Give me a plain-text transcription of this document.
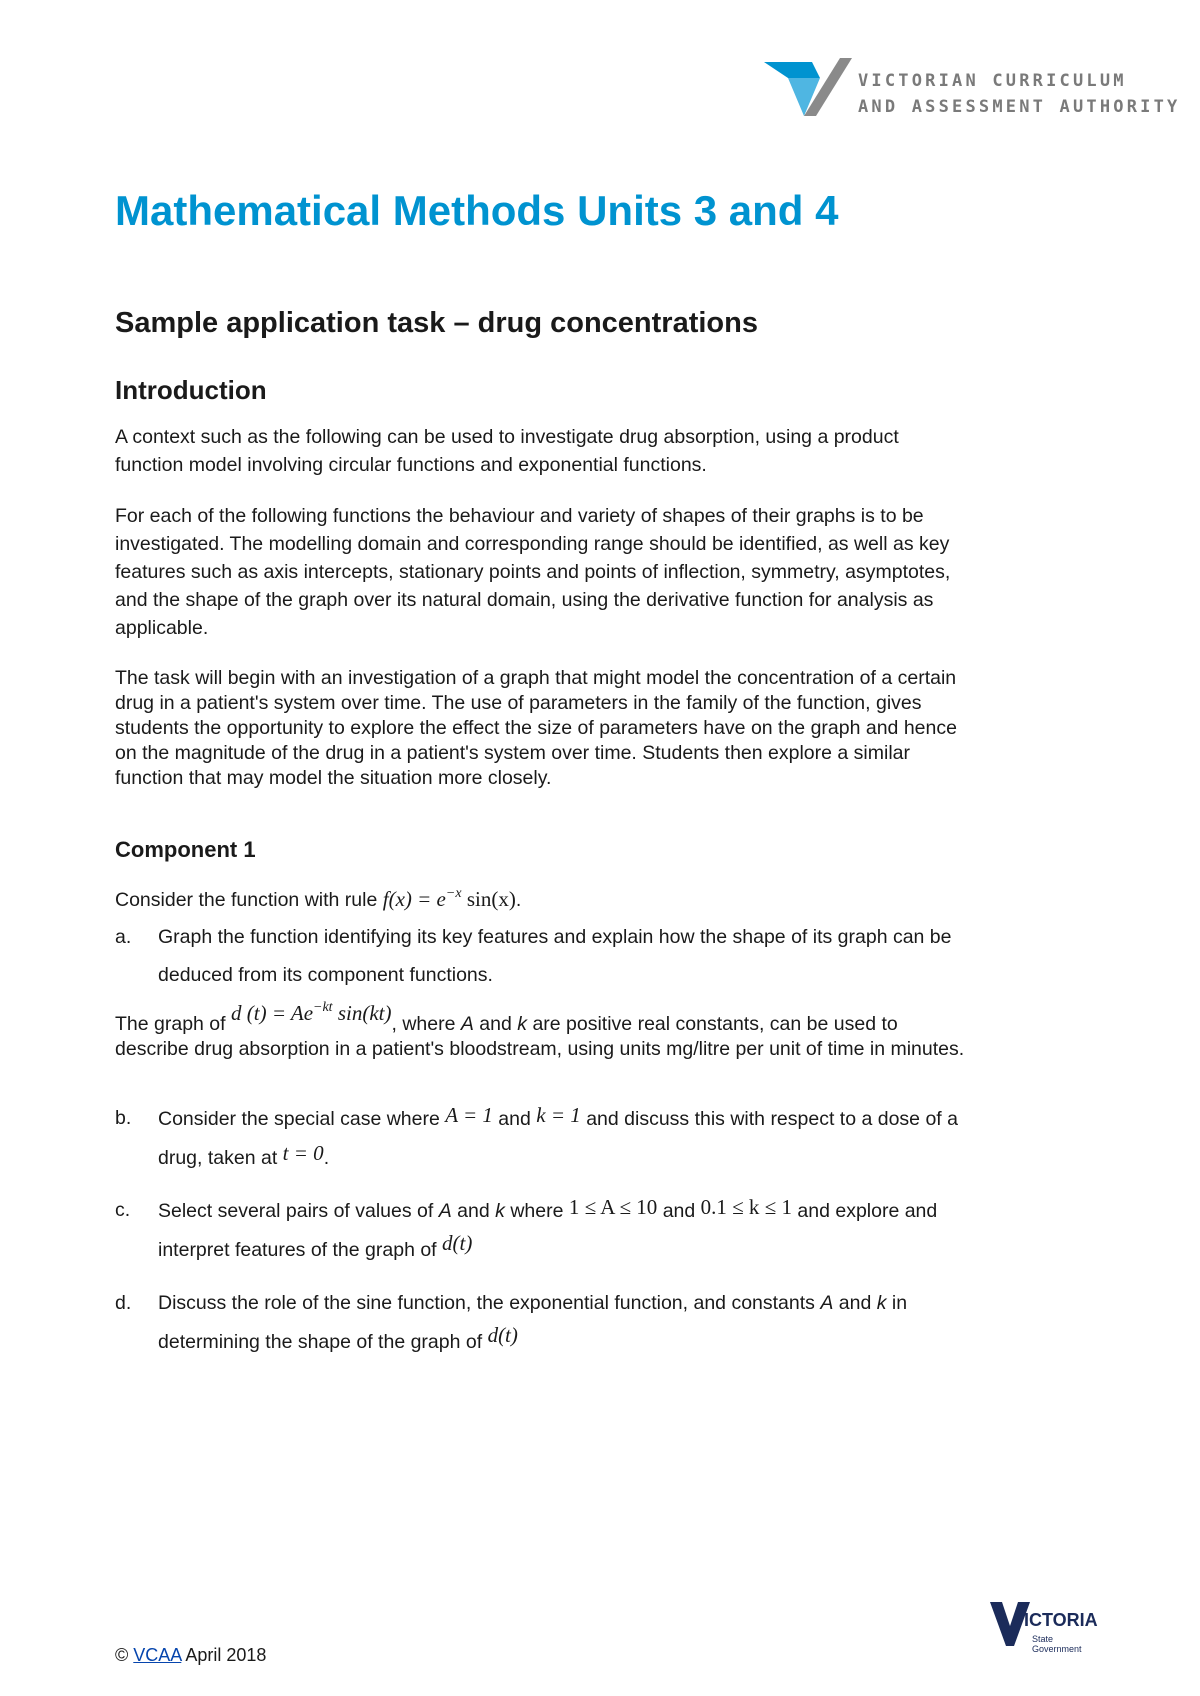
VICTORIAN CURRICULUM
AND ASSESSMENT AUTHORITY
Mathematical Methods Units 3 and 4
Sample application task – drug concentrations
Introduction
A context such as the following can be used to investigate drug absorption, using a product
function model involving circular functions and exponential functions.
For each of the following functions the behaviour and variety of shapes of their graphs is to be
investigated. The modelling domain and corresponding range should be identified, as well as key
features such as axis intercepts, stationary points and points of inflection, symmetry, asymptotes,
and the shape of the graph over its natural domain, using the derivative function for analysis as
applicable.
The task will begin with an investigation of a graph that might model the concentration of a certain
drug in a patient's system over time. The use of parameters in the family of the function, gives
students the opportunity to explore the effect the size of parameters have on the graph and hence
on the magnitude of the drug in a patient's system over time. Students then explore a similar
function that may model the situation more closely.
Component 1
Consider the function with rule $f(x) = e^{-x}$ sin(x).
a. Graph the function identifying its key features and explain how the shape of its graph can be
deduced from its component functions.
The graph of d $(t) = Ae^{-kt}$ sin(kt), where A and k are positive real constants, can be used to
describe drug absorption in a patient's bloodstream, using units mg/litre per unit of time in minutes.
b. Consider the special case where A = 1 and k = 1 and discuss this with respect to a dose of a
drug, taken at t = 0.
c. Select several pairs of values of A and k where 1 ≤ A ≤ 10 and 0.1 ≤ k ≤ 1 and explore and
interpret features of the graph of d(t)
d. Discuss the role of the sine function, the exponential function, and constants A and k in
determining the shape of the graph of d(t)
© VCAA April 2018
ICTORIA
State
Government
